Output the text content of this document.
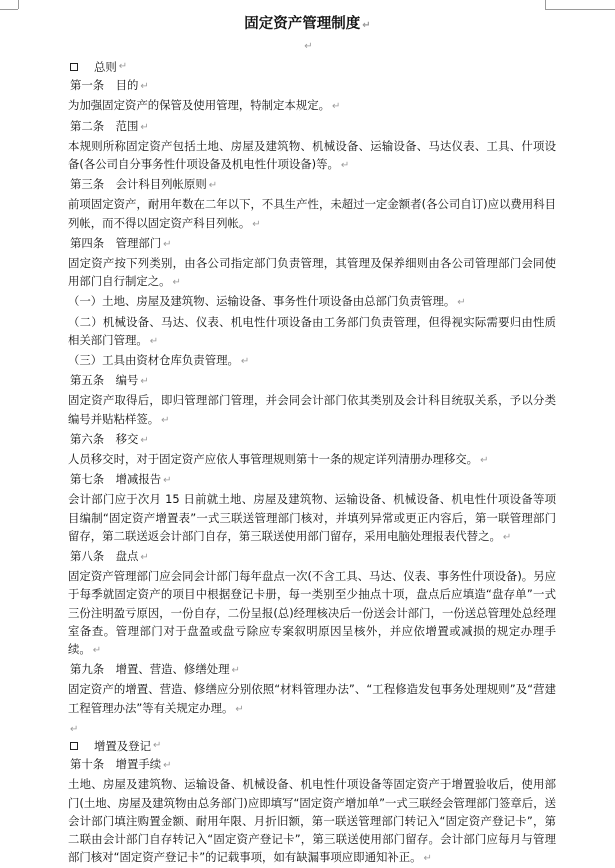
固定资产管理制度 ↵
↵
总则 ↵
第一条 目的 ↵
为加强固定资产的保管及使用管理，特制定本规定。 ↵
第二条 范围 ↵
本规则所称固定资产包括土地、房屋及建筑物、机械设备、运输设备、马达仪表、工具、什项设备(各公司自分事务性什项设备及机电性什项设备)等。 ↵
第三条 会计科目列帐原则 ↵
前项固定资产，耐用年数在二年以下，不具生产性，未超过一定金额者(各公司自订)应以费用科目列帐，而不得以固定资产科目列帐。 ↵
第四条 管理部门 ↵
固定资产按下列类别，由各公司指定部门负责管理，其管理及保养细则由各公司管理部门会同使用部门自行制定之。 ↵
（一）土地、房屋及建筑物、运输设备、事务性什项设备由总部门负责管理。 ↵
（二）机械设备、马达、仪表、机电性什项设备由工务部门负责管理，但得视实际需要归由性质相关部门管理。 ↵
（三）工具由资材仓库负责管理。 ↵
第五条 编号 ↵
固定资产取得后，即归管理部门管理，并会同会计部门依其类别及会计科目统驭关系，予以分类编号并贴粘样签。 ↵
第六条 移交 ↵
人员移交时，对于固定资产应依人事管理规则第十一条的规定详列清册办理移交。 ↵
第七条 增减报告 ↵
会计部门应于次月 15 日前就土地、房屋及建筑物、运输设备、机械设备、机电性什项设备等项目编制“固定资产增置表”一式三联送管理部门核对，并填列异常或更正内容后，第一联管理部门留存，第二联送返会计部门自存，第三联送使用部门留存，采用电脑处理报表代替之。 ↵
第八条 盘点 ↵
固定资产管理部门应会同会计部门每年盘点一次(不含工具、马达、仪表、事务性什项设备)。另应于每季就固定资产的项目中根据登记卡册，每一类别至少抽点十项，盘点后应填造“盘存单”一式三份注明盈亏原因，一份自存，二份呈报(总)经理核决后一份送会计部门，一份送总管理处总经理室备查。管理部门对于盘盈或盘亏除应专案叙明原因呈核外，并应依增置或减损的规定办理手续。 ↵
第九条 增置、营造、修缮处理 ↵
固定资产的增置、营造、修缮应分别依照“材料管理办法”、“工程修造发包事务处理规则”及“营建工程管理办法”等有关规定办理。 ↵
↵
增置及登记 ↵
第十条 增置手续 ↵
土地、房屋及建筑物、运输设备、机械设备、机电性什项设备等固定资产于增置验收后，使用部门(土地、房屋及建筑物由总务部门)应即填写“固定资产增加单”一式三联经会管理部门签章后，送会计部门填注购置金额、耐用年限、月折旧额，第一联送管理部门转记入“固定资产登记卡”，第二联由会计部门自存转记入“固定资产登记卡”，第三联送使用部门留存。会计部门应每月与管理部门核对“固定资产登记卡”的记载事项，如有缺漏事项应即通知补正。 ↵
